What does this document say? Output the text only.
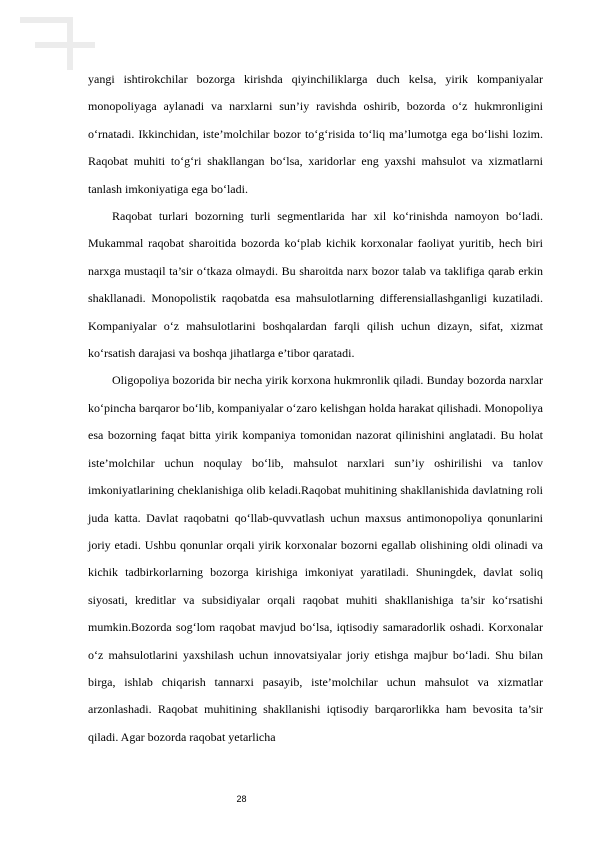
yangi ishtirokchilar bozorga kirishda qiyinchiliklarga duch kelsa, yirik kompaniyalar monopoliyaga aylanadi va narxlarni sun’iy ravishda oshirib, bozorda o‘z hukmronligini o‘rnatadi. Ikkinchidan, iste’molchilar bozor to‘g‘risida to‘liq ma’lumotga ega bo‘lishi lozim. Raqobat muhiti to‘g‘ri shakllangan bo‘lsa, xaridorlar eng yaxshi mahsulot va xizmatlarni tanlash imkoniyatiga ega bo‘ladi.

Raqobat turlari bozorning turli segmentlarida har xil ko‘rinishda namoyon bo‘ladi. Mukammal raqobat sharoitida bozorda ko‘plab kichik korxonalar faoliyat yuritib, hech biri narxga mustaqil ta’sir o‘tkaza olmaydi. Bu sharoitda narx bozor talab va taklifiga qarab erkin shakllanadi. Monopolistik raqobatda esa mahsulotlarning differensiallashganligi kuzatiladi. Kompaniyalar o‘z mahsulotlarini boshqalardan farqli qilish uchun dizayn, sifat, xizmat ko‘rsatish darajasi va boshqa jihatlarga e’tibor qaratadi.

Oligopoliya bozorida bir necha yirik korxona hukmronlik qiladi. Bunday bozorda narxlar ko‘pincha barqaror bo‘lib, kompaniyalar o‘zaro kelishgan holda harakat qilishadi. Monopoliya esa bozorning faqat bitta yirik kompaniya tomonidan nazorat qilinishini anglatadi. Bu holat iste’molchilar uchun noqulay bo‘lib, mahsulot narxlari sun’iy oshirilishi va tanlov imkoniyatlarining cheklanishiga olib keladi.Raqobat muhitining shakllanishida davlatning roli juda katta. Davlat raqobatni qo‘llab-quvvatlash uchun maxsus antimonopoliya qonunlarini joriy etadi. Ushbu qonunlar orqali yirik korxonalar bozorni egallab olishining oldi olinadi va kichik tadbirkorlarning bozorga kirishiga imkoniyat yaratiladi. Shuningdek, davlat soliq siyosati, kreditlar va subsidiyalar orqali raqobat muhiti shakllanishiga ta’sir ko‘rsatishi mumkin.Bozorda sog‘lom raqobat mavjud bo‘lsa, iqtisodiy samaradorlik oshadi. Korxonalar o‘z mahsulotlarini yaxshilash uchun innovatsiyalar joriy etishga majbur bo‘ladi. Shu bilan birga, ishlab chiqarish tannarxi pasayib, iste’molchilar uchun mahsulot va xizmatlar arzonlashadi. Raqobat muhitining shakllanishi iqtisodiy barqarorlikka ham bevosita ta’sir qiladi. Agar bozorda raqobat yetarlicha

28
